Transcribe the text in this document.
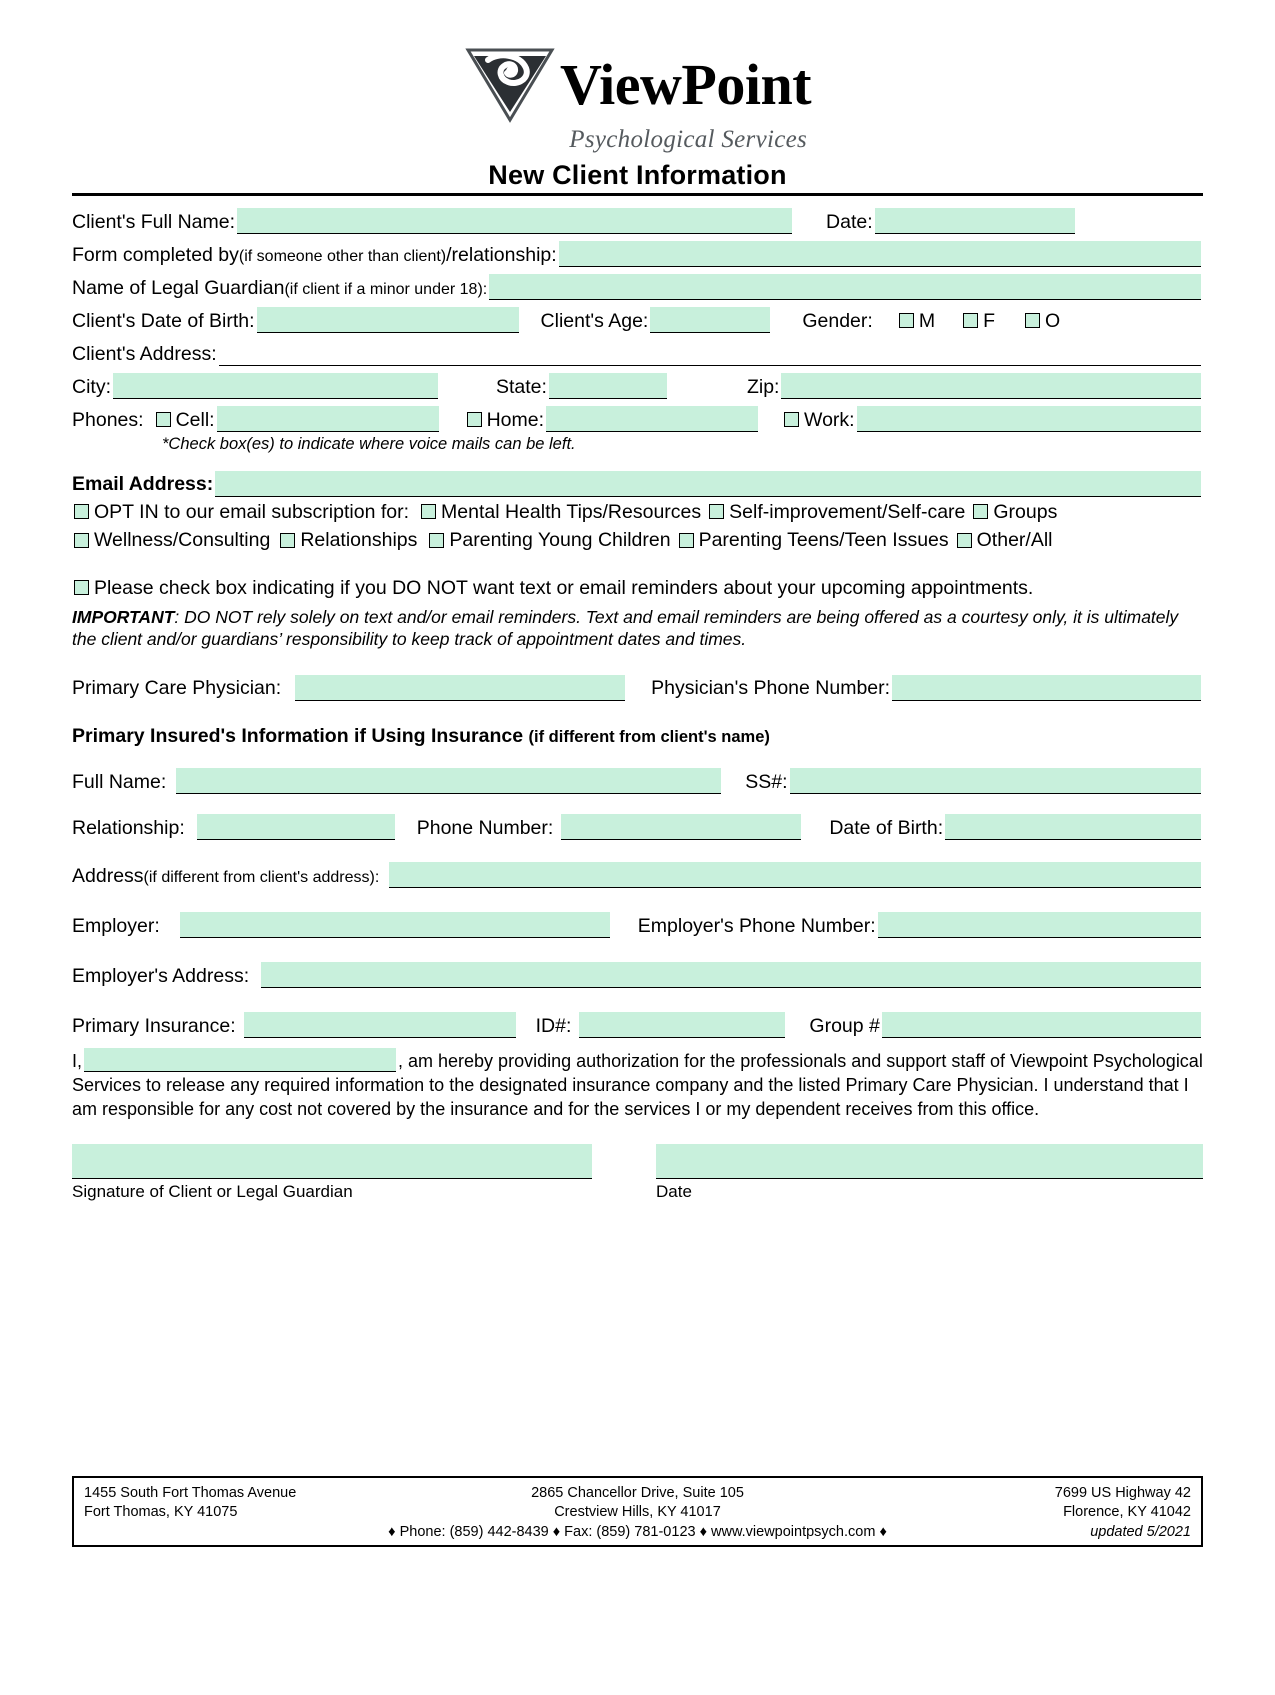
ViewPoint
Psychological Services
New Client Information
Client's Full Name:	Date:
Form completed by (if someone other than client) /relationship:
Name of Legal Guardian (if client if a minor under 18):
Client's Date of Birth:	Client's Age:	Gender: M F	O
Client's Address:
City:	State:	Zip:
Phones: Cell:	Home:	Work:
*Check box(es) to indicate where voice mails can be left.
Email Address:
OPT IN to our email subscription for: Mental Health Tips/Resources Self-improvement/Self-care Groups
Wellness/Consulting Relationships Parenting Young Children Parenting Teens/Teen Issues Other/All
Please check box indicating if you DO NOT want text or email reminders about your upcoming appointments.
IMPORTANT: DO NOT rely solely on text and/or email reminders. Text and email reminders are being offered as a courtesy only, it is ultimately the client and/or guardians’ responsibility to keep track of appointment dates and times.
Primary Care Physician:	Physician's Phone Number:
Primary Insured's Information if Using Insurance (if different from client's name)
Full Name:	SS#:
Relationship:	Phone Number:	Date of Birth:
Address (if different from client's address):
Employer:	Employer's Phone Number:
Employer's Address:
Primary Insurance:	ID#:	Group #
I,	, am hereby providing authorization for the professionals and support staff of Viewpoint Psychological Services to release any required information to the designated insurance company and the listed Primary Care Physician. I understand that I am responsible for any cost not covered by the insurance and for the services I or my dependent receives from this office.
Signature of Client or Legal Guardian	Date
1455 South Fort Thomas Avenue
Fort Thomas, KY 41075
2865 Chancellor Drive, Suite 105
Crestview Hills, KY 41017
7699 US Highway 42
Florence, KY 41042
♦ Phone: (859) 442-8439 ♦ Fax: (859) 781-0123 ♦ www.viewpointpsych.com ♦	updated 5/2021
